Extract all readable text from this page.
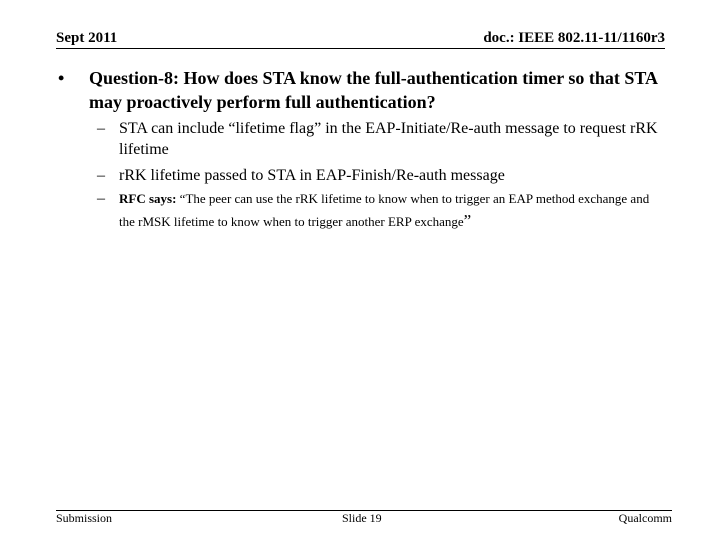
Sept 2011	doc.: IEEE 802.11-11/1160r3
• Question-8: How does STA know the full-authentication timer so that STA may proactively perform full authentication?
– STA can include “lifetime flag” in the EAP-Initiate/Re-auth message to request rRK lifetime
– rRK lifetime passed to STA in EAP-Finish/Re-auth message
– RFC says: “The peer can use the rRK lifetime to know when to trigger an EAP method exchange and the rMSK lifetime to know when to trigger another ERP exchange”
Submission	Slide 19	Qualcomm
